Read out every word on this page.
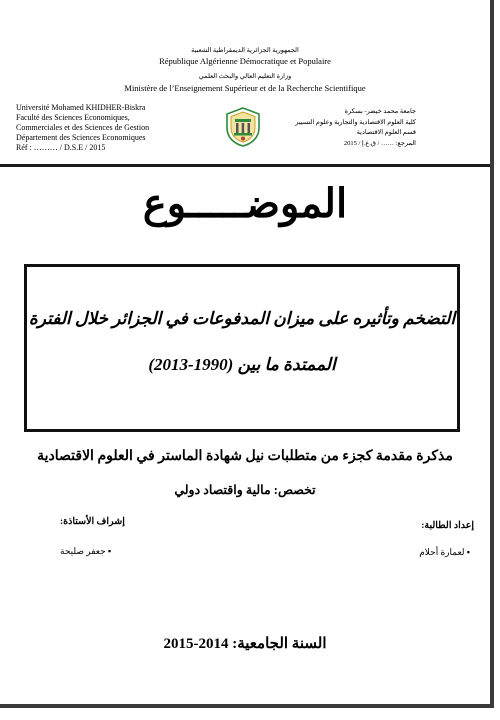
الجمهورية الجزائرية الديمقراطية الشعبية
République Algérienne Démocratique et Populaire
وزارة التعليم العالي والبحث العلمي
Ministère de l’Enseignement Supérieur et de la Recherche Scientifique
Université Mohamed KHIDHER-Biskra
Faculté des Sciences Economiques,
Commerciales et des Sciences de Gestion
Département des Sciences Economiques
Réf : ……… / D.S.E / 2015
جامعة محمد خيضر- بسكرة
كلية العلوم الاقتصادية والتجارية وعلوم التسيير
قسم العلوم الاقتصادية
المرجع: …… / ق.ع.إ / 2015
الموضـــــوع
التضخم وتأثيره على ميزان المدفوعات في الجزائر خلال الفترة
الممتدة ما بين (1990-2013)
مذكرة مقدمة كجزء من متطلبات نيل شهادة الماستر في العلوم الاقتصادية
تخصص: مالية واقتصاد دولي
إشراف الأستاذة:	إعداد الطالبة:
▪ جعفر صليحة	▪ لعمارة أحلام
السنة الجامعية: 2014-2015
